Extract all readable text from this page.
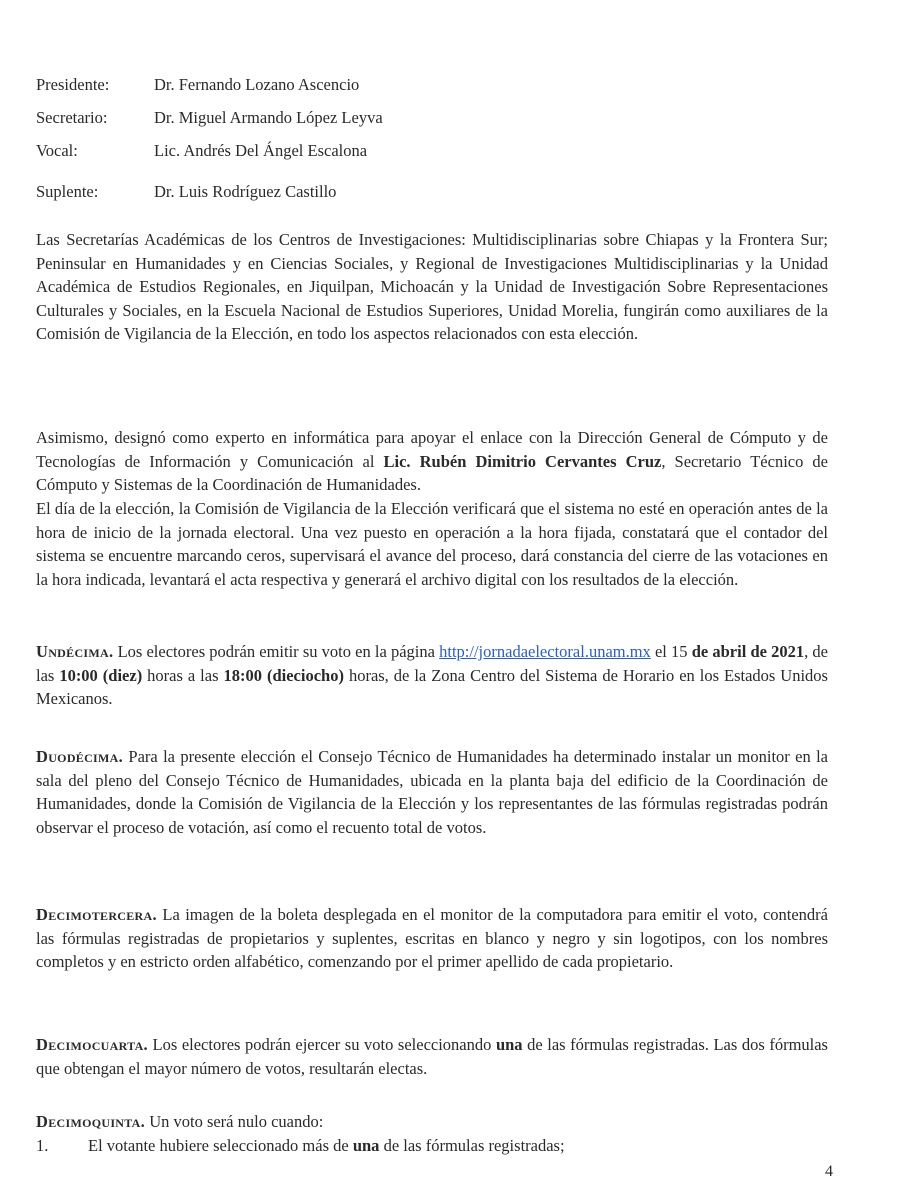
Presidente:	Dr. Fernando Lozano Ascencio
Secretario:	Dr. Miguel Armando López Leyva
Vocal:	Lic. Andrés Del Ángel Escalona
Suplente:	Dr. Luis Rodríguez Castillo

Las Secretarías Académicas de los Centros de Investigaciones: Multidisciplinarias sobre Chiapas y la Frontera Sur; Peninsular en Humanidades y en Ciencias Sociales, y Regional de Investigaciones Multidisciplinarias y la Unidad Académica de Estudios Regionales, en Jiquilpan, Michoacán y la Unidad de Investigación Sobre Representaciones Culturales y Sociales, en la Escuela Nacional de Estudios Superiores, Unidad Morelia, fungirán como auxiliares de la Comisión de Vigilancia de la Elección, en todo los aspectos relacionados con esta elección.

Asimismo, designó como experto en informática para apoyar el enlace con la Dirección General de Cómputo y de Tecnologías de Información y Comunicación al Lic. Rubén Dimitrio Cervantes Cruz, Secretario Técnico de Cómputo y Sistemas de la Coordinación de Humanidades.

El día de la elección, la Comisión de Vigilancia de la Elección verificará que el sistema no esté en operación antes de la hora de inicio de la jornada electoral. Una vez puesto en operación a la hora fijada, constatará que el contador del sistema se encuentre marcando ceros, supervisará el avance del proceso, dará constancia del cierre de las votaciones en la hora indicada, levantará el acta respectiva y generará el archivo digital con los resultados de la elección.

Undécima. Los electores podrán emitir su voto en la página http://jornadaelectoral.unam.mx el 15 de abril de 2021, de las 10:00 (diez) horas a las 18:00 (dieciocho) horas, de la Zona Centro del Sistema de Horario en los Estados Unidos Mexicanos.

Duodécima. Para la presente elección el Consejo Técnico de Humanidades ha determinado instalar un monitor en la sala del pleno del Consejo Técnico de Humanidades, ubicada en la planta baja del edificio de la Coordinación de Humanidades, donde la Comisión de Vigilancia de la Elección y los representantes de las fórmulas registradas podrán observar el proceso de votación, así como el recuento total de votos.

Decimotercera. La imagen de la boleta desplegada en el monitor de la computadora para emitir el voto, contendrá las fórmulas registradas de propietarios y suplentes, escritas en blanco y negro y sin logotipos, con los nombres completos y en estricto orden alfabético, comenzando por el primer apellido de cada propietario.

Decimocuarta. Los electores podrán ejercer su voto seleccionando una de las fórmulas registradas. Las dos fórmulas que obtengan el mayor número de votos, resultarán electas.

Decimoquinta. Un voto será nulo cuando:
1.	El votante hubiere seleccionado más de una de las fórmulas registradas;
4
